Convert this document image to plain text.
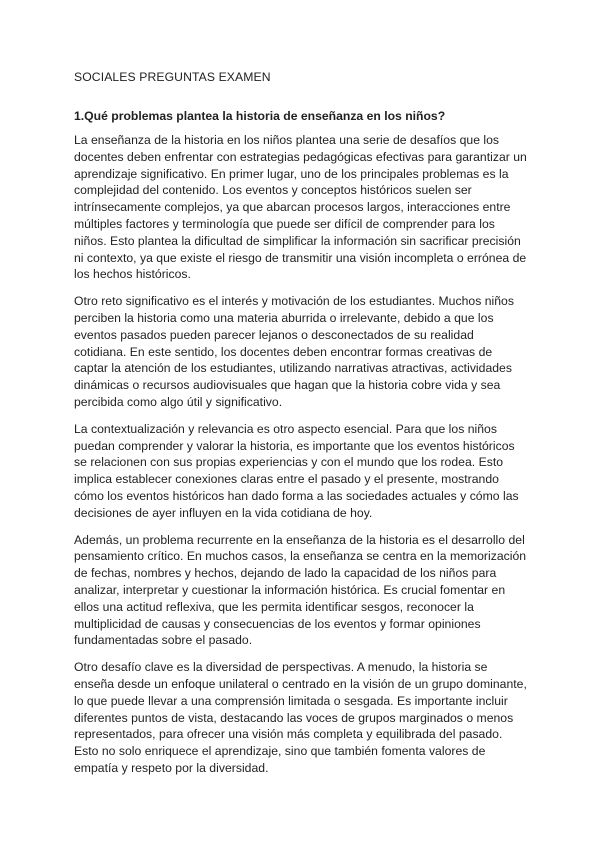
SOCIALES PREGUNTAS EXAMEN
1.Qué problemas plantea la historia de enseñanza en los niños?

La enseñanza de la historia en los niños plantea una serie de desafíos que los docentes deben enfrentar con estrategias pedagógicas efectivas para garantizar un aprendizaje significativo. En primer lugar, uno de los principales problemas es la complejidad del contenido. Los eventos y conceptos históricos suelen ser intrínsecamente complejos, ya que abarcan procesos largos, interacciones entre múltiples factores y terminología que puede ser difícil de comprender para los niños. Esto plantea la dificultad de simplificar la información sin sacrificar precisión ni contexto, ya que existe el riesgo de transmitir una visión incompleta o errónea de los hechos históricos.

Otro reto significativo es el interés y motivación de los estudiantes. Muchos niños perciben la historia como una materia aburrida o irrelevante, debido a que los eventos pasados pueden parecer lejanos o desconectados de su realidad cotidiana. En este sentido, los docentes deben encontrar formas creativas de captar la atención de los estudiantes, utilizando narrativas atractivas, actividades dinámicas o recursos audiovisuales que hagan que la historia cobre vida y sea percibida como algo útil y significativo.

La contextualización y relevancia es otro aspecto esencial. Para que los niños puedan comprender y valorar la historia, es importante que los eventos históricos se relacionen con sus propias experiencias y con el mundo que los rodea. Esto implica establecer conexiones claras entre el pasado y el presente, mostrando cómo los eventos históricos han dado forma a las sociedades actuales y cómo las decisiones de ayer influyen en la vida cotidiana de hoy.

Además, un problema recurrente en la enseñanza de la historia es el desarrollo del pensamiento crítico. En muchos casos, la enseñanza se centra en la memorización de fechas, nombres y hechos, dejando de lado la capacidad de los niños para analizar, interpretar y cuestionar la información histórica. Es crucial fomentar en ellos una actitud reflexiva, que les permita identificar sesgos, reconocer la multiplicidad de causas y consecuencias de los eventos y formar opiniones fundamentadas sobre el pasado.

Otro desafío clave es la diversidad de perspectivas. A menudo, la historia se enseña desde un enfoque unilateral o centrado en la visión de un grupo dominante, lo que puede llevar a una comprensión limitada o sesgada. Es importante incluir diferentes puntos de vista, destacando las voces de grupos marginados o menos representados, para ofrecer una visión más completa y equilibrada del pasado. Esto no solo enriquece el aprendizaje, sino que también fomenta valores de empatía y respeto por la diversidad.
